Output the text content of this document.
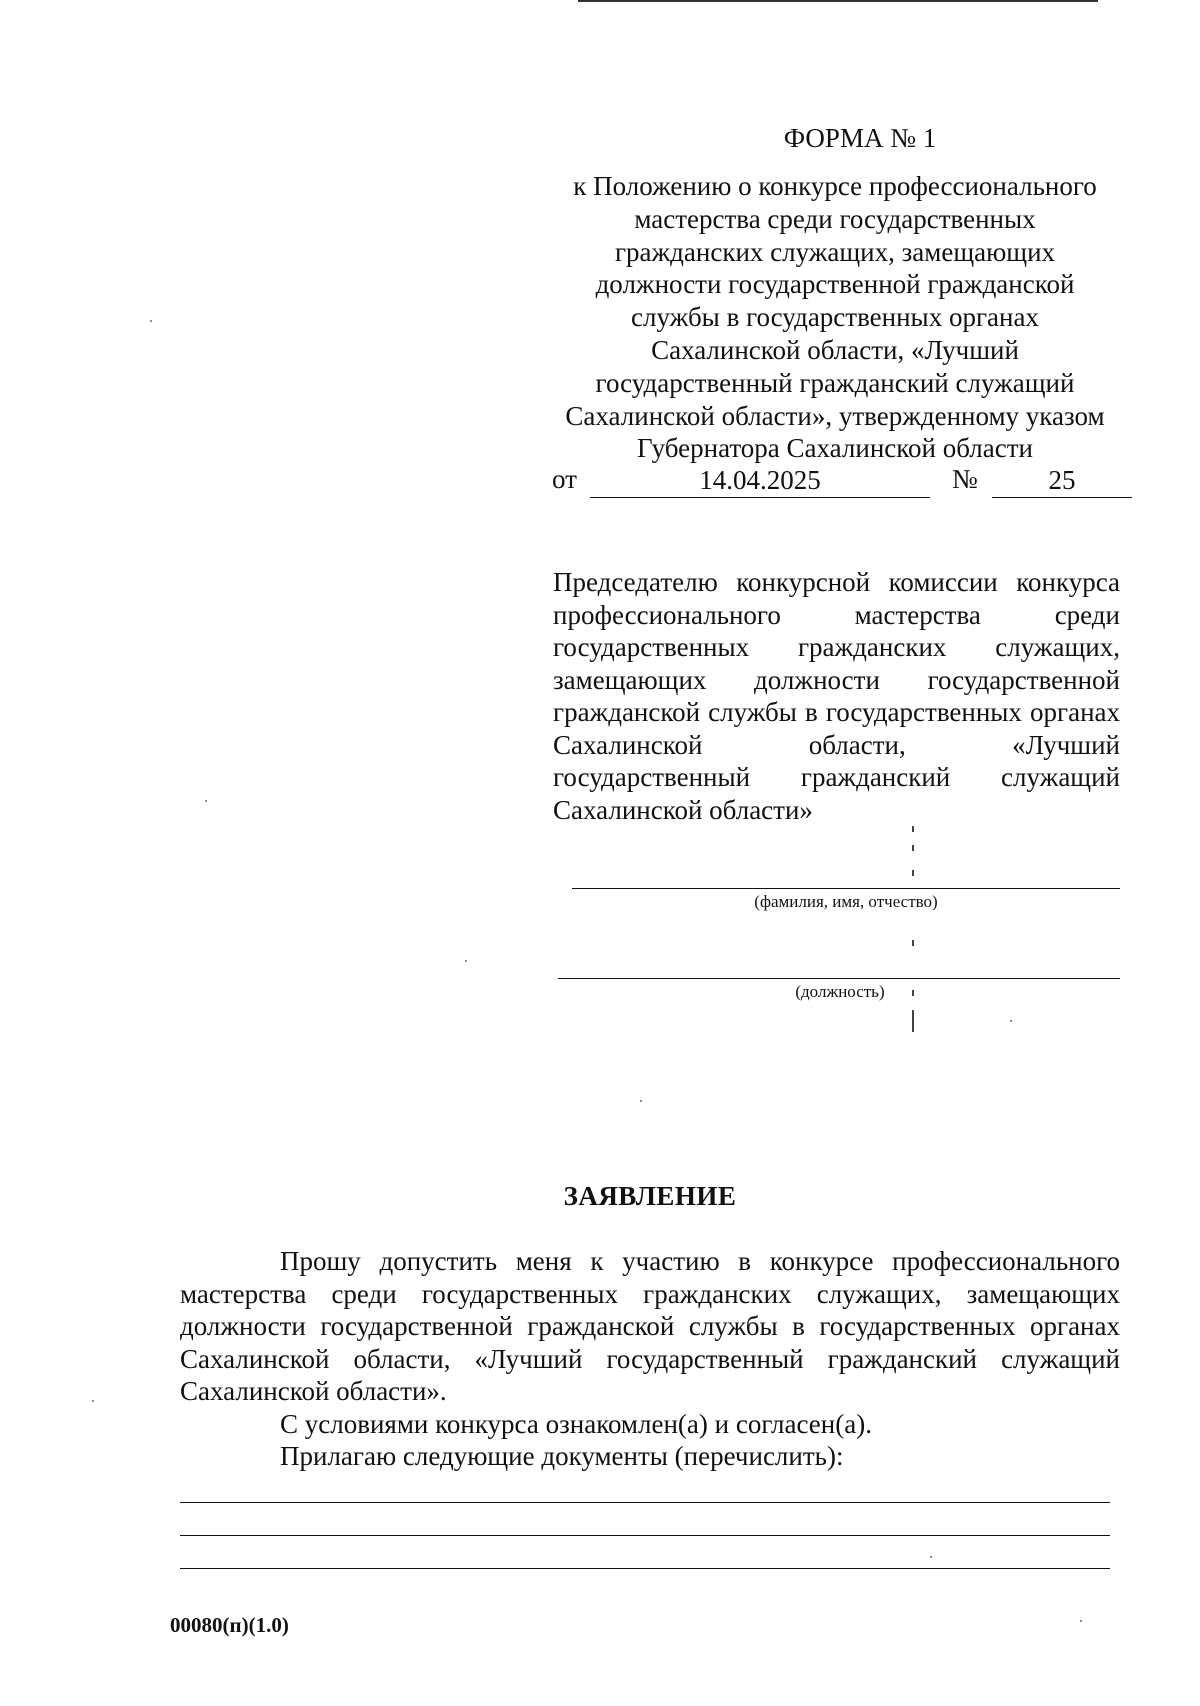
ФОРМА № 1
к Положению о конкурсе профессионального
мастерства среди государственных
гражданских служащих, замещающих
должности государственной гражданской
службы в государственных органах
Сахалинской области, «Лучший
государственный гражданский служащий
Сахалинской области», утвержденному указом
Губернатора Сахалинской области
от	14.04.2025	№	25
Председателю конкурсной комиссии конкурса профессионального мастерства среди государственных гражданских служащих, замещающих должности государственной гражданской службы в государственных органах Сахалинской области, «Лучший государственный гражданский служащий Сахалинской области»
(фамилия, имя, отчество)
(должность)
ЗАЯВЛЕНИЕ

Прошу допустить меня к участию в конкурсе профессионального мастерства среди государственных гражданских служащих, замещающих должности государственной гражданской службы в государственных органах Сахалинской области, «Лучший государственный гражданский служащий Сахалинской области».

С условиями конкурса ознакомлен(а) и согласен(а).

Прилагаю следующие документы (перечислить):

00080(п)(1.0)
